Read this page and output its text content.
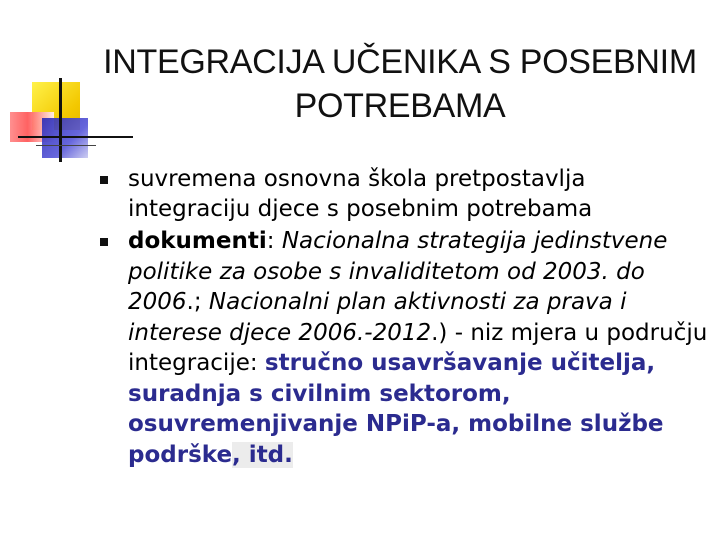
INTEGRACIJA UČENIKA S POSEBNIM POTREBAMA
suvremena osnovna škola pretpostavlja integraciju djece s posebnim potrebama
dokumenti: Nacionalna strategija jedinstvene politike za osobe s invaliditetom od 2003. do 2006.; Nacionalni plan aktivnosti za prava i interese djece 2006.-2012.) - niz mjera u području integracije: stručno usavršavanje učitelja, suradnja s civilnim sektorom, osuvremenjivanje NPiP-a, mobilne službe podrške, itd.
